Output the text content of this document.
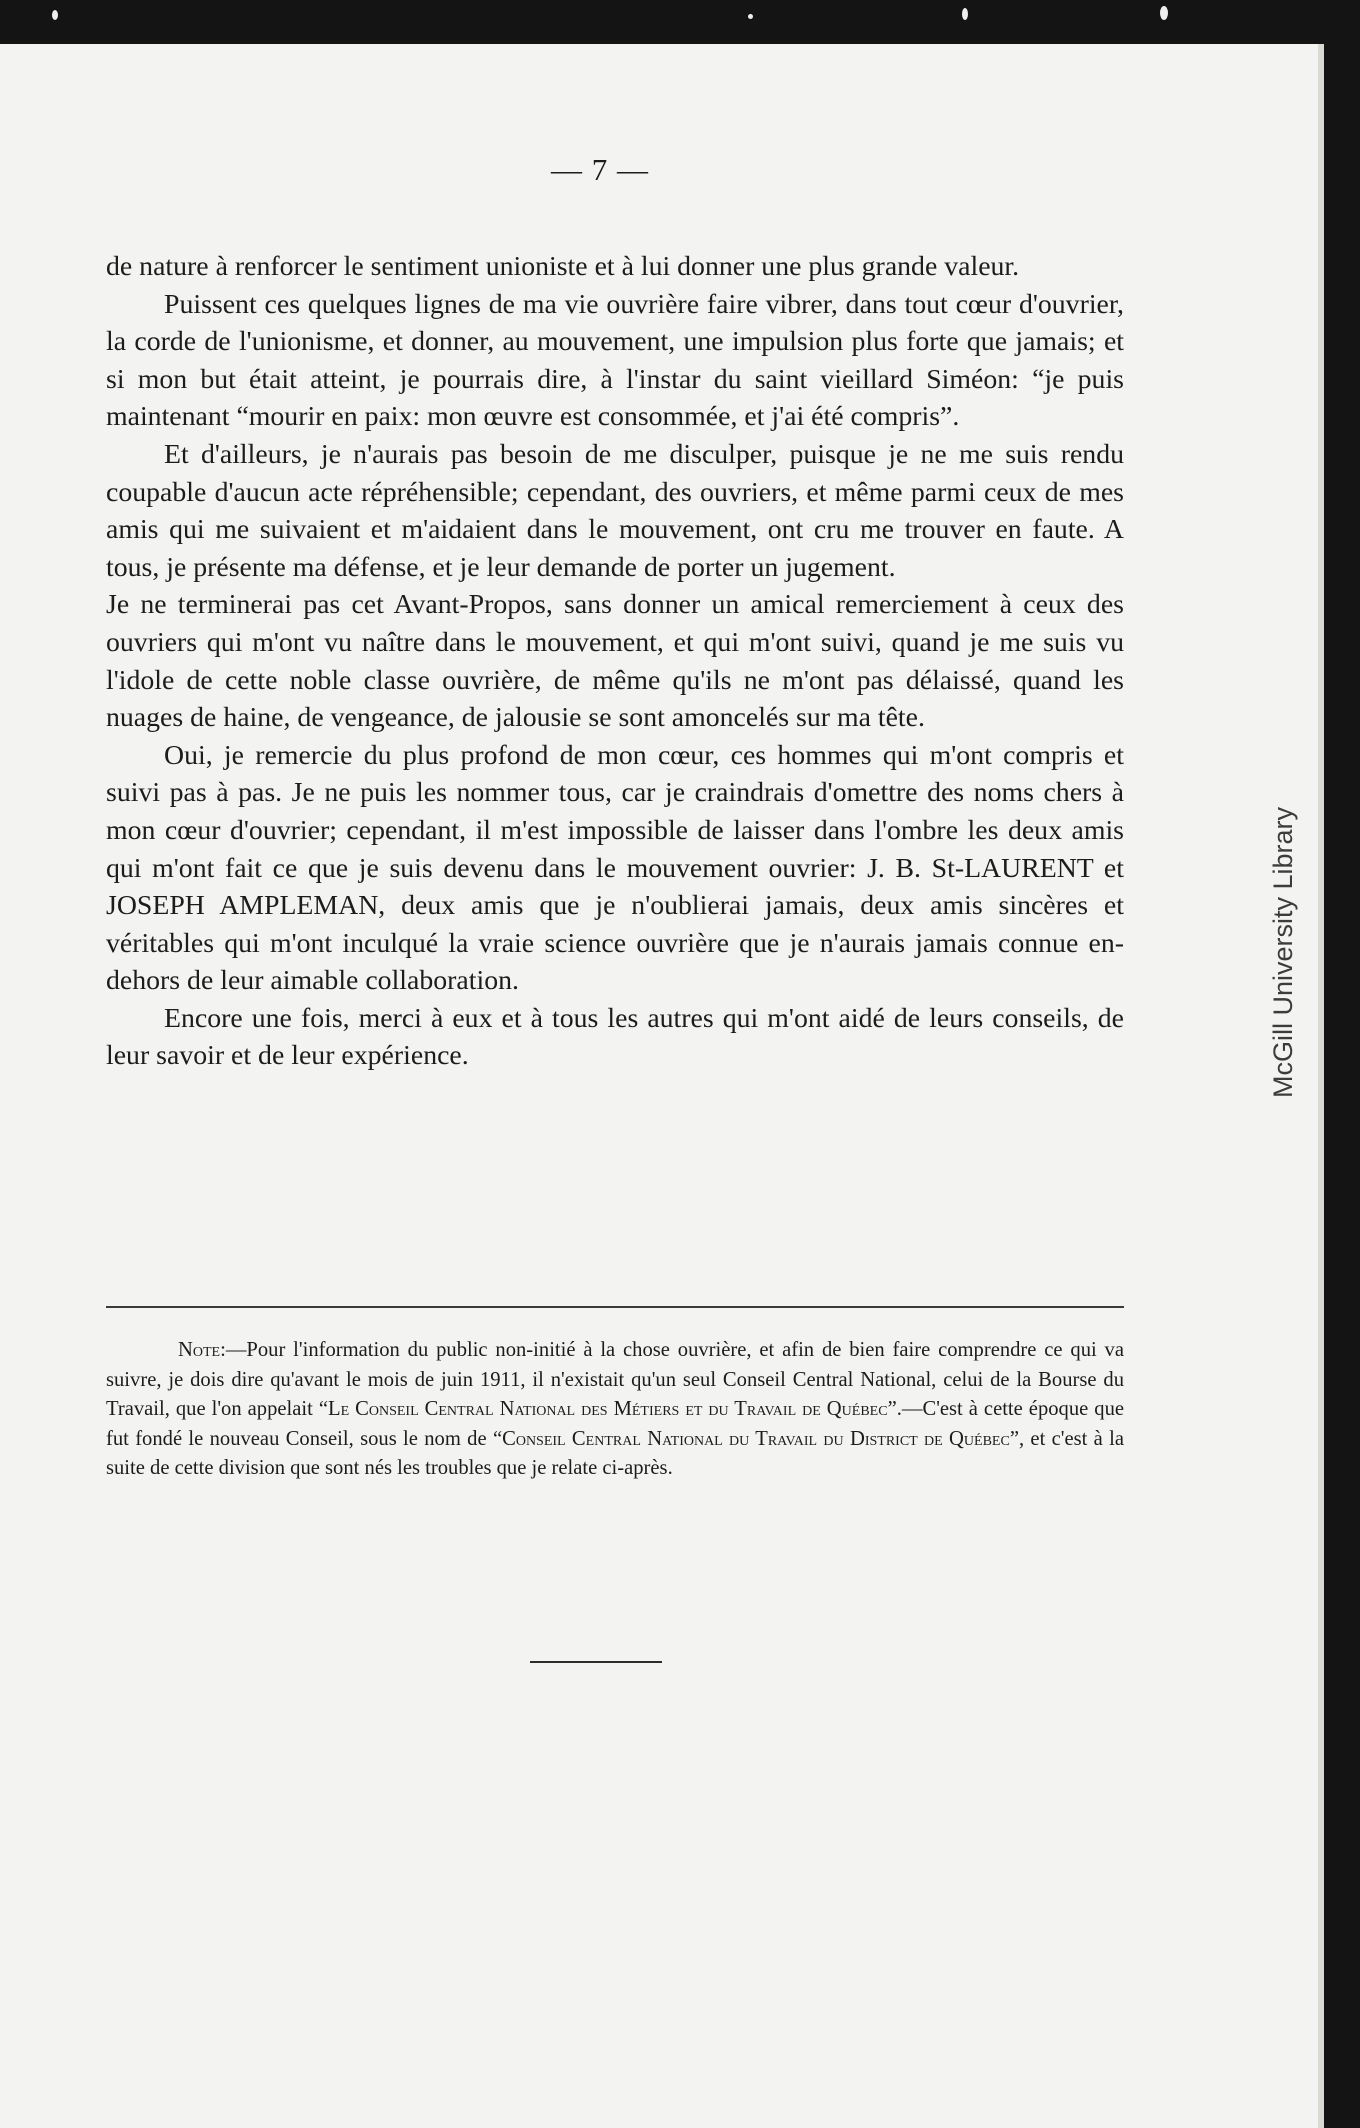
— 7 —

de nature à renforcer le sentiment unioniste et à lui donner une plus grande valeur.

Puissent ces quelques lignes de ma vie ouvrière faire vibrer, dans tout cœur d'ouvrier, la corde de l'unionisme, et donner, au mouvement, une impulsion plus forte que jamais; et si mon but était atteint, je pourrais dire, à l'instar du saint vieillard Siméon: “je puis maintenant “mourir en paix: mon œuvre est consommée, et j'ai été compris”.

Et d'ailleurs, je n'aurais pas besoin de me disculper, puisque je ne me suis rendu coupable d'aucun acte répréhensible; cependant, des ouvriers, et même parmi ceux de mes amis qui me suivaient et m'aidaient dans le mouvement, ont cru me trouver en faute. A tous, je présente ma défense, et je leur demande de porter un jugement.

Je ne terminerai pas cet Avant-Propos, sans donner un amical remerciement à ceux des ouvriers qui m'ont vu naître dans le mouvement, et qui m'ont suivi, quand je me suis vu l'idole de cette noble classe ouvrière, de même qu'ils ne m'ont pas délaissé, quand les nuages de haine, de vengeance, de jalousie se sont amoncelés sur ma tête.

Oui, je remercie du plus profond de mon cœur, ces hommes qui m'ont compris et suivi pas à pas. Je ne puis les nommer tous, car je craindrais d'omettre des noms chers à mon cœur d'ouvrier; cependant, il m'est impossible de laisser dans l'ombre les deux amis qui m'ont fait ce que je suis devenu dans le mouvement ouvrier: J. B. St-LAURENT et JOSEPH AMPLEMAN, deux amis que je n'oublierai jamais, deux amis sincères et véritables qui m'ont inculqué la vraie science ouvrière que je n'aurais jamais connue en-dehors de leur aimable collaboration.

Encore une fois, merci à eux et à tous les autres qui m'ont aidé de leurs conseils, de leur savoir et de leur expérience.

Note:—Pour l'information du public non-initié à la chose ouvrière, et afin de bien faire comprendre ce qui va suivre, je dois dire qu'avant le mois de juin 1911, il n'existait qu'un seul Conseil Central National, celui de la Bourse du Travail, que l'on appelait “Le Conseil Central National des Métiers et du Travail de Québec”.—C'est à cette époque que fut fondé le nouveau Conseil, sous le nom de “Conseil Central National du Travail du District de Québec”, et c'est à la suite de cette division que sont nés les troubles que je relate ci-après.
McGill University Library
